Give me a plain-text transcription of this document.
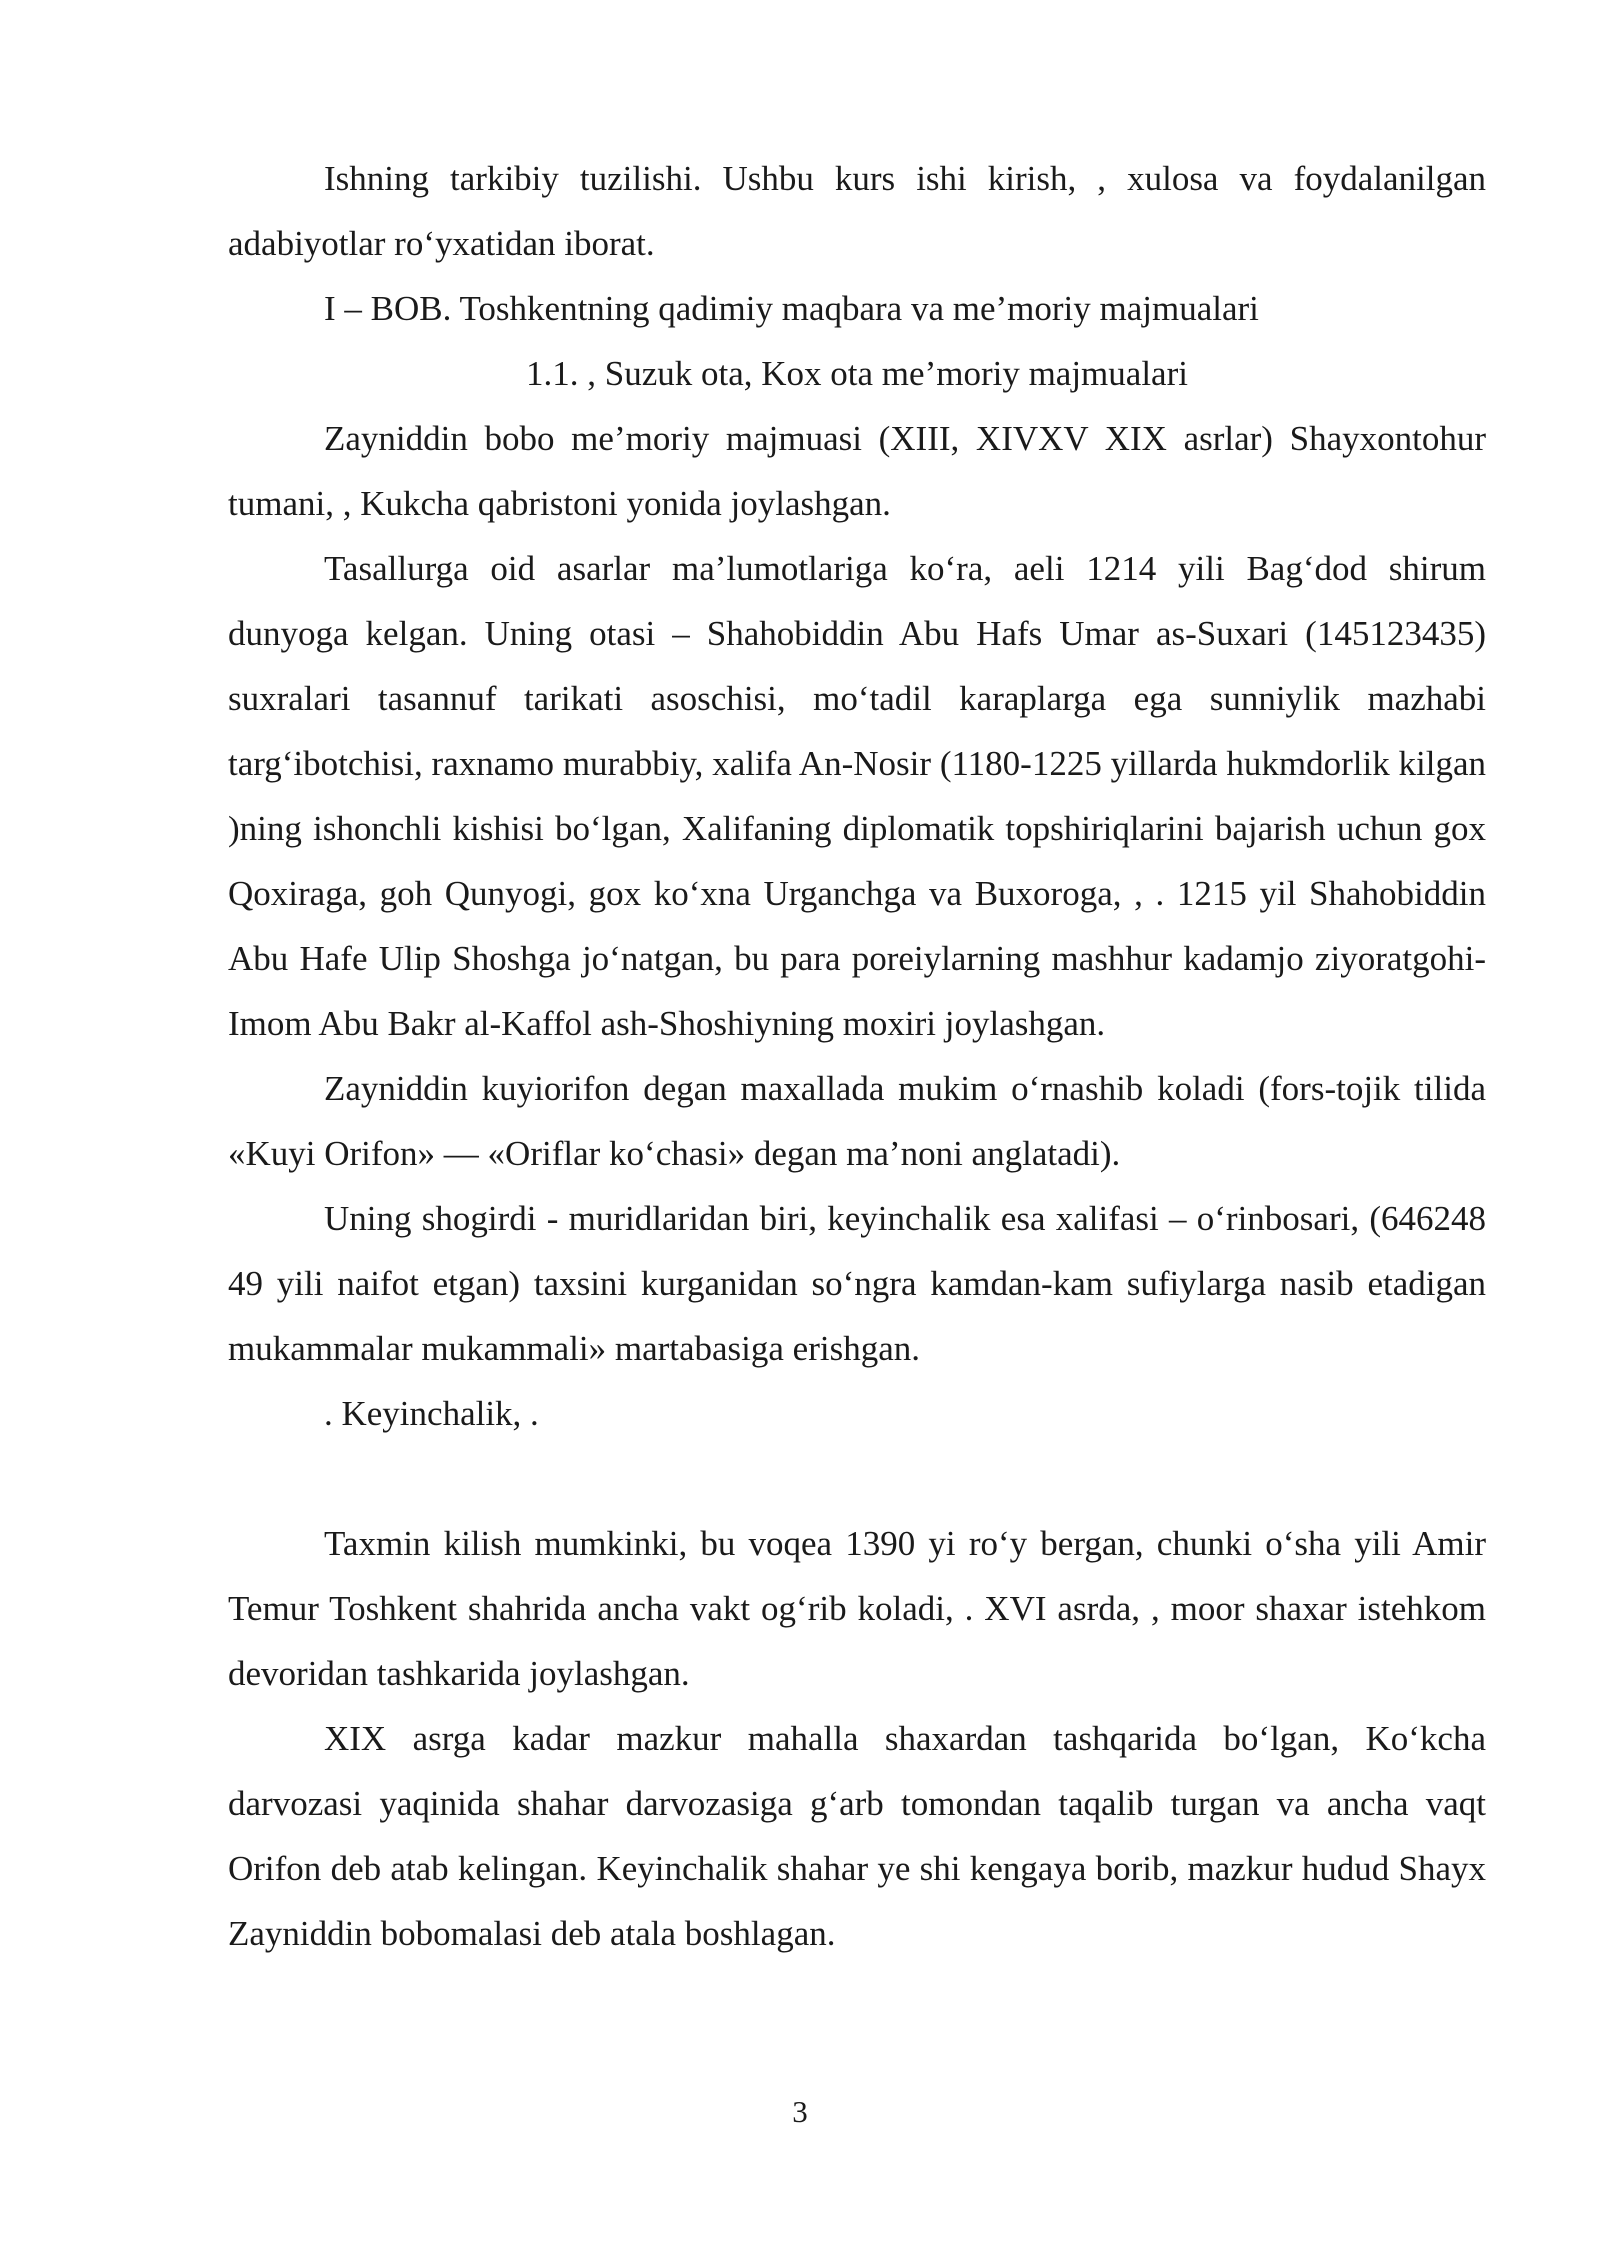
Ishning tarkibiy tuzilishi. Ushbu kurs ishi kirish, , xulosa va foydalanilgan adabiyotlar ro‘yxatidan iborat.

I – BOB. Toshkentning qadimiy maqbara va me’moriy majmualari

1.1. , Suzuk ota, Kox ota me’moriy majmualari

Zayniddin bobo me’moriy majmuasi (XIII, XIVXV XIX asrlar) Shayxontohur tumani, , Kukcha qabristoni yonida joylashgan.

Tasallurga oid asarlar ma’lumotlariga ko‘ra, aeli 1214 yili Bag‘dod shirum dunyoga kelgan. Uning otasi – Shahobiddin Abu Hafs Umar as-Suxari (145123435) suxralari tasannuf tarikati asoschisi, mo‘tadil karaplarga ega sunniylik mazhabi targ‘ibotchisi, raxnamo murabbiy, xalifa An-Nosir (1180-1225 yillarda hukmdorlik kilgan )ning ishonchli kishisi bo‘lgan, Xalifaning diplomatik topshiriqlarini bajarish uchun gox Qoxiraga, goh Qunyogi, gox ko‘xna Urganchga va Buxoroga, , . 1215 yil Shahobiddin Abu Hafe Ulip Shoshga jo‘natgan, bu para poreiylarning mashhur kadamjo ziyoratgohi-Imom Abu Bakr al-Kaffol ash-Shoshiyning moxiri joylashgan.

Zayniddin kuyiorifon degan maxallada mukim o‘rnashib koladi (fors-tojik tilida «Kuyi Orifon» — «Oriflar ko‘chasi» degan ma’noni anglatadi).

Uning shogirdi - muridlaridan biri, keyinchalik esa xalifasi – o‘rinbosari, (646248 49 yili naifot etgan) taxsini kurganidan so‘ngra kamdan-kam sufiylarga nasib etadigan mukammalar mukammali» martabasiga erishgan.

. Keyinchalik, .

Taxmin kilish mumkinki, bu voqea 1390 yi ro‘y bergan, chunki o‘sha yili Amir Temur Toshkent shahrida ancha vakt og‘rib koladi, . XVI asrda, , moor shaxar istehkom devoridan tashkarida joylashgan.

XIX asrga kadar mazkur mahalla shaxardan tashqarida bo‘lgan, Ko‘kcha darvozasi yaqinida shahar darvozasiga g‘arb tomondan taqalib turgan va ancha vaqt Orifon deb atab kelingan. Keyinchalik shahar ye shi kengaya borib, mazkur hudud Shayx Zayniddin bobomalasi deb atala boshlagan.

3
